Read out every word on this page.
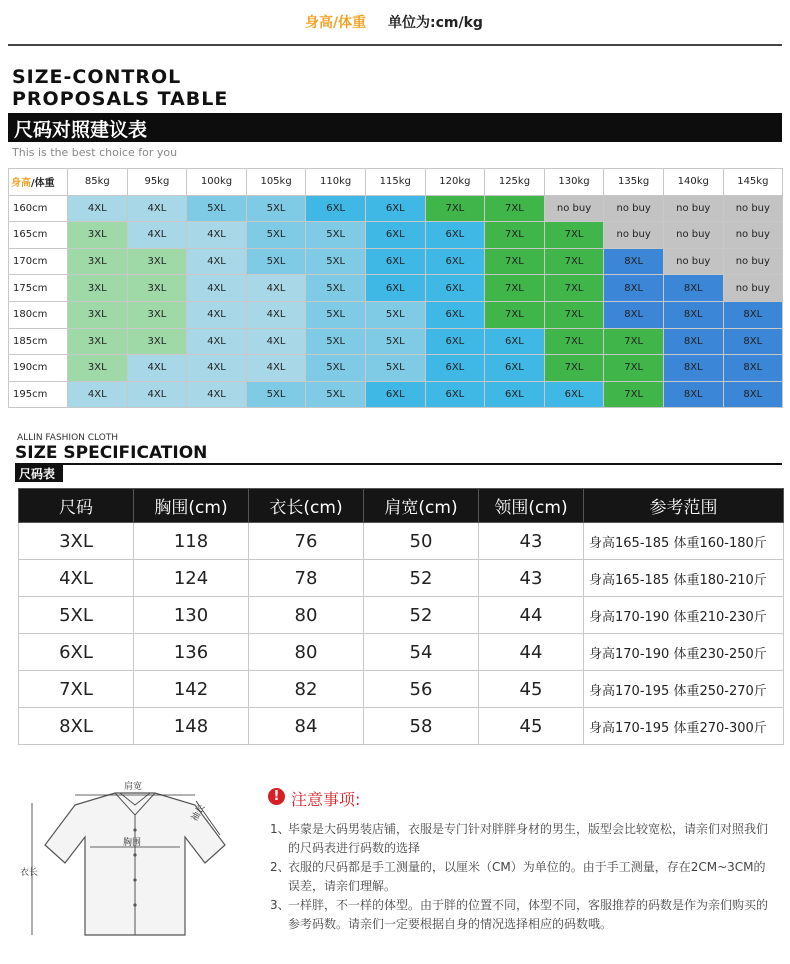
身高/体重 单位为:cm/kg
SIZE-CONTROL
PROPOSALS TABLE
尺码对照建议表
This is the best choice for you
身高/体重	85kg	95kg	100kg	105kg	110kg	115kg	120kg	125kg	130kg	135kg	140kg	145kg
160cm	4XL	4XL	5XL	5XL	6XL	6XL	7XL	7XL	no buy	no buy	no buy	no buy
165cm	3XL	4XL	4XL	5XL	5XL	6XL	6XL	7XL	7XL	no buy	no buy	no buy
170cm	3XL	3XL	4XL	5XL	5XL	6XL	6XL	7XL	7XL	8XL	no buy	no buy
175cm	3XL	3XL	4XL	4XL	5XL	6XL	6XL	7XL	7XL	8XL	8XL	no buy
180cm	3XL	3XL	4XL	4XL	5XL	5XL	6XL	7XL	7XL	8XL	8XL	8XL
185cm	3XL	3XL	4XL	4XL	5XL	5XL	6XL	6XL	7XL	7XL	8XL	8XL
190cm	3XL	4XL	4XL	4XL	5XL	5XL	6XL	6XL	7XL	7XL	8XL	8XL
195cm	4XL	4XL	4XL	5XL	5XL	6XL	6XL	6XL	6XL	7XL	8XL	8XL
ALLIN FASHION CLOTH
SIZE SPECIFICATION
尺码表
尺码	胸围(cm)	衣长(cm)	肩宽(cm)	领围(cm)	参考范围
3XL	118	76	50	43	身高165-185 体重160-180斤
4XL	124	78	52	43	身高165-185 体重180-210斤
5XL	130	80	52	44	身高170-190 体重210-230斤
6XL	136	80	54	44	身高170-190 体重230-250斤
7XL	142	82	56	45	身高170-195 体重250-270斤
8XL	148	84	58	45	身高170-195 体重270-300斤
肩宽
胸围
衣长
袖长
! 注意事项:
1、
毕蒙是大码男装店铺，衣服是专门针对胖胖身材的男生，版型会比较宽松，请亲们对照我们的尺码表进行码数的选择
2、
衣服的尺码都是手工测量的，以厘米（CM）为单位的。由于手工测量，存在2CM~3CM的误差，请亲们理解。
3、
一样胖，不一样的体型。由于胖的位置不同，体型不同，客服推荐的码数是作为亲们购买的参考码数。请亲们一定要根据自身的情况选择相应的码数哦。
